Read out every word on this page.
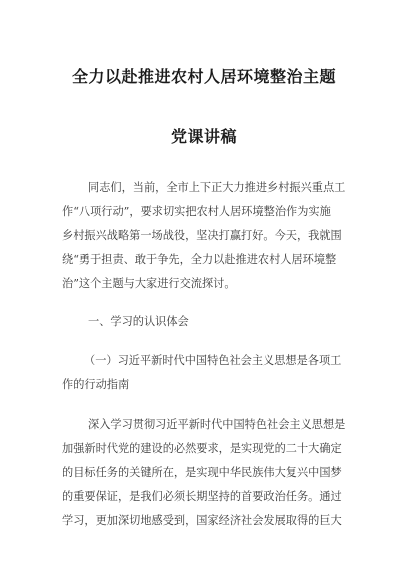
全力以赴推进农村人居环境整治主题
党课讲稿
同志们，当前，全市上下正大力推进乡村振兴重点工
作“八项行动”，要求切实把农村人居环境整治作为实施
乡村振兴战略第一场战役，坚决打赢打好。今天，我就围
绕“勇于担责、敢于争先，全力以赴推进农村人居环境整
治”这个主题与大家进行交流探讨。
一、学习的认识体会
（一）习近平新时代中国特色社会主义思想是各项工
作的行动指南
深入学习贯彻习近平新时代中国特色社会主义思想是
加强新时代党的建设的必然要求，是实现党的二十大确定
的目标任务的关键所在，是实现中华民族伟大复兴中国梦
的重要保证，是我们必须长期坚持的首要政治任务。通过
学习，更加深切地感受到，国家经济社会发展取得的巨大
